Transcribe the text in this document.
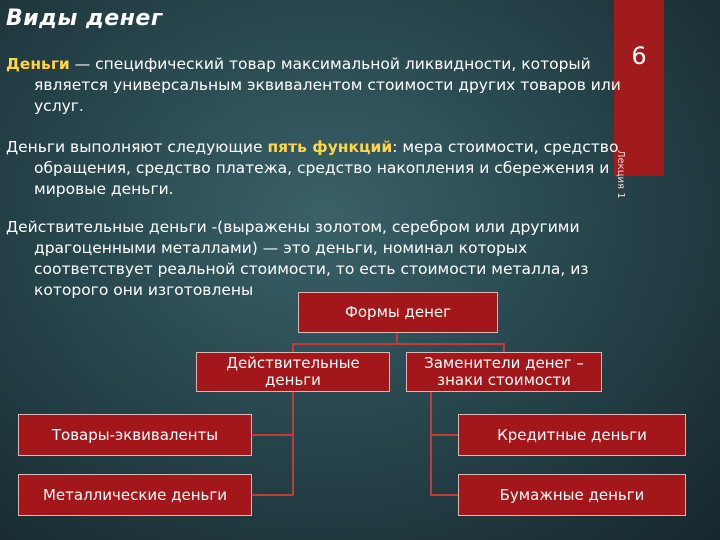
6
Лекция 1
Виды денег
Деньги — специфический товар максимальной ликвидности, который
является универсальным эквивалентом стоимости других товаров или
услуг.
Деньги выполняют следующие пять функций: мера стоимости, средство
обращения, средство платежа, средство накопления и сбережения и
мировые деньги.
Действительные деньги -(выражены золотом, серебром или другими
драгоценными металлами) — это деньги, номинал которых
соответствует реальной стоимости, то есть стоимости металла, из
которого они изготовлены
Формы денег
Действительные деньги
Заменители денег – знаки стоимости
Товары-эквиваленты
Металлические деньги
Кредитные деньги
Бумажные деньги
